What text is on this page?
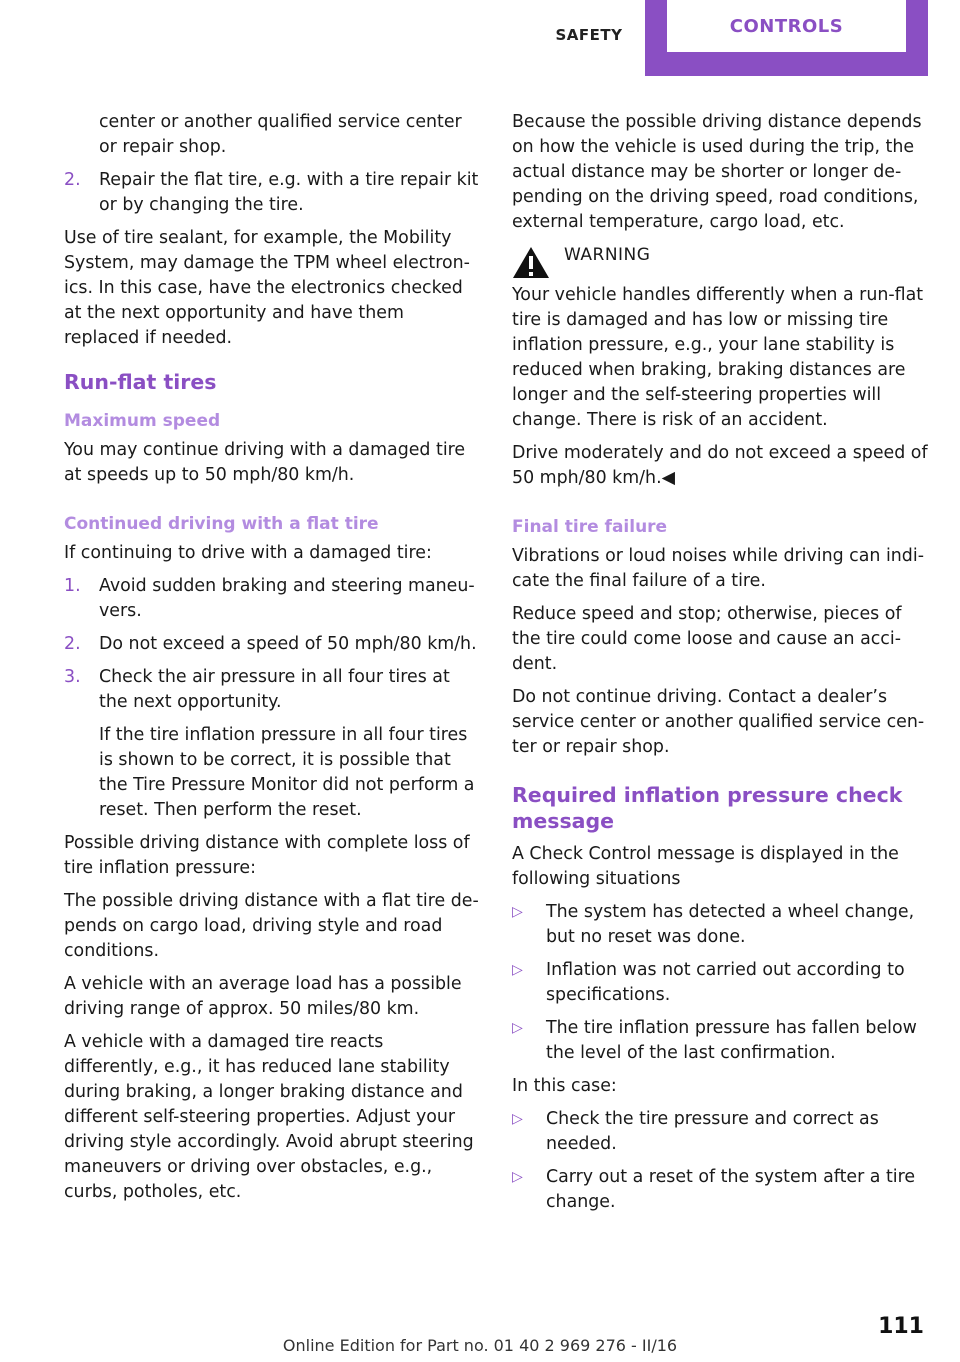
SAFETY	CONTROLS
center or another qualified service center or repair shop.
2.	Repair the flat tire, e.g. with a tire repair kit or by changing the tire.

Use of tire sealant, for example, the Mobility System, may damage the TPM wheel electronics. In this case, have the electronics checked at the next opportunity and have them replaced if needed.

Run-flat tires
Maximum speed

You may continue driving with a damaged tire at speeds up to 50 mph/80 km/h.

Continued driving with a flat tire

If continuing to drive with a damaged tire:

1.	Avoid sudden braking and steering maneuvers.
2.	Do not exceed a speed of 50 mph/80 km/h.
3.	Check the air pressure in all four tires at the next opportunity.

If the tire inflation pressure in all four tires is shown to be correct, it is possible that the Tire Pressure Monitor did not perform a reset. Then perform the reset.

Possible driving distance with complete loss of tire inflation pressure:

The possible driving distance with a flat tire depends on cargo load, driving style and road conditions.

A vehicle with an average load has a possible driving range of approx. 50 miles/80 km.

A vehicle with a damaged tire reacts differently, e.g., it has reduced lane stability during braking, a longer braking distance and different self-steering properties. Adjust your driving style accordingly. Avoid abrupt steering maneuvers or driving over obstacles, e.g., curbs, potholes, etc.

Because the possible driving distance depends on how the vehicle is used during the trip, the actual distance may be shorter or longer depending on the driving speed, road conditions, external temperature, cargo load, etc.

WARNING

Your vehicle handles differently when a run-flat tire is damaged and has low or missing tire inflation pressure, e.g., your lane stability is reduced when braking, braking distances are longer and the self-steering properties will change. There is risk of an accident.

Drive moderately and do not exceed a speed of 50 mph/80 km/h.◀

Final tire failure

Vibrations or loud noises while driving can indicate the final failure of a tire.

Reduce speed and stop; otherwise, pieces of the tire could come loose and cause an accident.

Do not continue driving. Contact a dealer’s service center or another qualified service center or repair shop.

Required inflation pressure check message

A Check Control message is displayed in the following situations

▷	The system has detected a wheel change, but no reset was done.
▷	Inflation was not carried out according to specifications.
▷	The tire inflation pressure has fallen below the level of the last confirmation.

In this case:

▷	Check the tire pressure and correct as needed.
▷	Carry out a reset of the system after a tire change.
111
Online Edition for Part no. 01 40 2 969 276 - II/16
